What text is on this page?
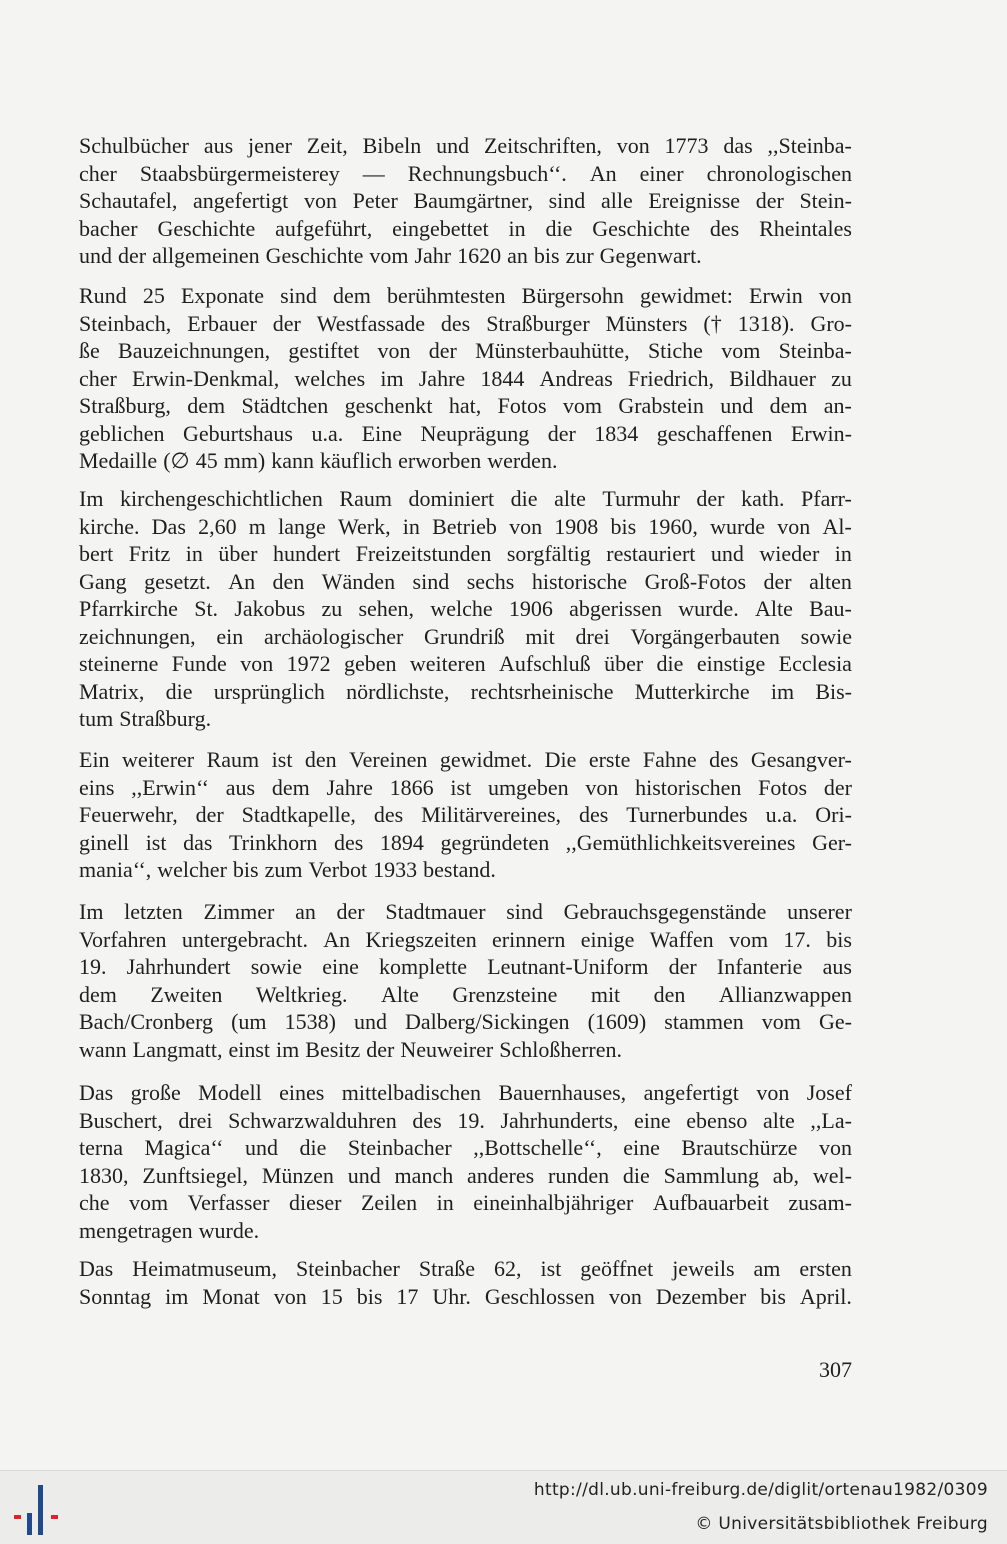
Schulbücher aus jener Zeit, Bibeln und Zeitschriften, von 1773 das ,,Steinba-
cher Staabsbürgermeisterey — Rechnungsbuch‘‘. An einer chronologischen
Schautafel, angefertigt von Peter Baumgärtner, sind alle Ereignisse der Stein-
bacher Geschichte aufgeführt, eingebettet in die Geschichte des Rheintales
und der allgemeinen Geschichte vom Jahr 1620 an bis zur Gegenwart.
Rund 25 Exponate sind dem berühmtesten Bürgersohn gewidmet: Erwin von
Steinbach, Erbauer der Westfassade des Straßburger Münsters († 1318). Gro-
ße Bauzeichnungen, gestiftet von der Münsterbauhütte, Stiche vom Steinba-
cher Erwin-Denkmal, welches im Jahre 1844 Andreas Friedrich, Bildhauer zu
Straßburg, dem Städtchen geschenkt hat, Fotos vom Grabstein und dem an-
geblichen Geburtshaus u.a. Eine Neuprägung der 1834 geschaffenen Erwin-
Medaille (∅ 45 mm) kann käuflich erworben werden.
Im kirchengeschichtlichen Raum dominiert die alte Turmuhr der kath. Pfarr-
kirche. Das 2,60 m lange Werk, in Betrieb von 1908 bis 1960, wurde von Al-
bert Fritz in über hundert Freizeitstunden sorgfältig restauriert und wieder in
Gang gesetzt. An den Wänden sind sechs historische Groß-Fotos der alten
Pfarrkirche St. Jakobus zu sehen, welche 1906 abgerissen wurde. Alte Bau-
zeichnungen, ein archäologischer Grundriß mit drei Vorgängerbauten sowie
steinerne Funde von 1972 geben weiteren Aufschluß über die einstige Ecclesia
Matrix, die ursprünglich nördlichste, rechtsrheinische Mutterkirche im Bis-
tum Straßburg.
Ein weiterer Raum ist den Vereinen gewidmet. Die erste Fahne des Gesangver-
eins ,,Erwin‘‘ aus dem Jahre 1866 ist umgeben von historischen Fotos der
Feuerwehr, der Stadtkapelle, des Militärvereines, des Turnerbundes u.a. Ori-
ginell ist das Trinkhorn des 1894 gegründeten ,,Gemüthlichkeitsvereines Ger-
mania‘‘, welcher bis zum Verbot 1933 bestand.
Im letzten Zimmer an der Stadtmauer sind Gebrauchsgegenstände unserer
Vorfahren untergebracht. An Kriegszeiten erinnern einige Waffen vom 17. bis
19. Jahrhundert sowie eine komplette Leutnant-Uniform der Infanterie aus
dem Zweiten Weltkrieg. Alte Grenzsteine mit den Allianzwappen
Bach/Cronberg (um 1538) und Dalberg/Sickingen (1609) stammen vom Ge-
wann Langmatt, einst im Besitz der Neuweirer Schloßherren.
Das große Modell eines mittelbadischen Bauernhauses, angefertigt von Josef
Buschert, drei Schwarzwalduhren des 19. Jahrhunderts, eine ebenso alte ,,La-
terna Magica‘‘ und die Steinbacher ,,Bottschelle‘‘, eine Brautschürze von
1830, Zunftsiegel, Münzen und manch anderes runden die Sammlung ab, wel-
che vom Verfasser dieser Zeilen in eineinhalbjähriger Aufbauarbeit zusam-
mengetragen wurde.
Das Heimatmuseum, Steinbacher Straße 62, ist geöffnet jeweils am ersten
Sonntag im Monat von 15 bis 17 Uhr. Geschlossen von Dezember bis April.
307
http://dl.ub.uni-freiburg.de/diglit/ortenau1982/0309
© Universitätsbibliothek Freiburg
